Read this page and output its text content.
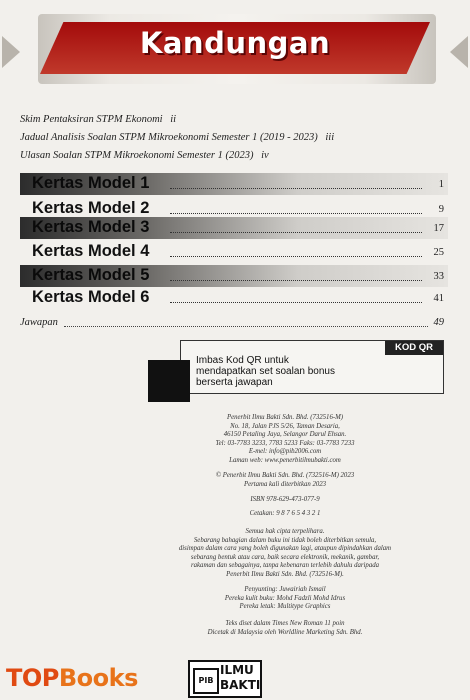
Kandungan
Skim Pentaksiran STPM Ekonomi ii
Jadual Analisis Soalan STPM Mikroekonomi Semester 1 (2019 - 2023) iii
Ulasan Soalan STPM Mikroekonomi Semester 1 (2023) iv
Kertas Model 1	1
Kertas Model 2	9
Kertas Model 3	17
Kertas Model 4	25
Kertas Model 5	33
Kertas Model 6	41
Jawapan	49
KOD QR
Imbas Kod QR untuk mendapatkan set soalan bonus berserta jawapan
Penerbit Ilmu Bakti Sdn. Bhd. (732516-M)
No. 18, Jalan PJS 5/26, Taman Desaria,
46150 Petaling Jaya, Selangor Darul Ehsan.
Tel: 03-7783 3233, 7783 5233 Faks: 03-7783 7233
E-mel: info@pib2006.com
Laman web: www.penerbitilmubakti.com
© Penerbit Ilmu Bakti Sdn. Bhd. (732516-M) 2023
Pertama kali diterbitkan 2023
ISBN 978-629-473-077-9
Cetakan: 9 8 7 6 5 4 3 2 1
Semua hak cipta terpelihara.
Sebarang bahagian dalam buku ini tidak boleh diterbitkan semula,
disimpan dalam cara yang boleh digunakan lagi, ataupun dipindahkan dalam
sebarang bentuk atau cara, baik secara elektronik, mekanik, gambar,
rakaman dan sebagainya, tanpa kebenaran terlebih dahulu daripada
Penerbit Ilmu Bakti Sdn. Bhd. (732516-M).
Penyunting: Juwairiah Ismail
Pereka kulit buku: Mohd Fadzli Mohd Idrus
Pereka letak: Multitype Graphics
Teks diset dalam Times New Roman 11 poin
Dicetak di Malaysia oleh Worldline Marketing Sdn. Bhd.
TOPBooks	PIB
ILMU
BAKTI
